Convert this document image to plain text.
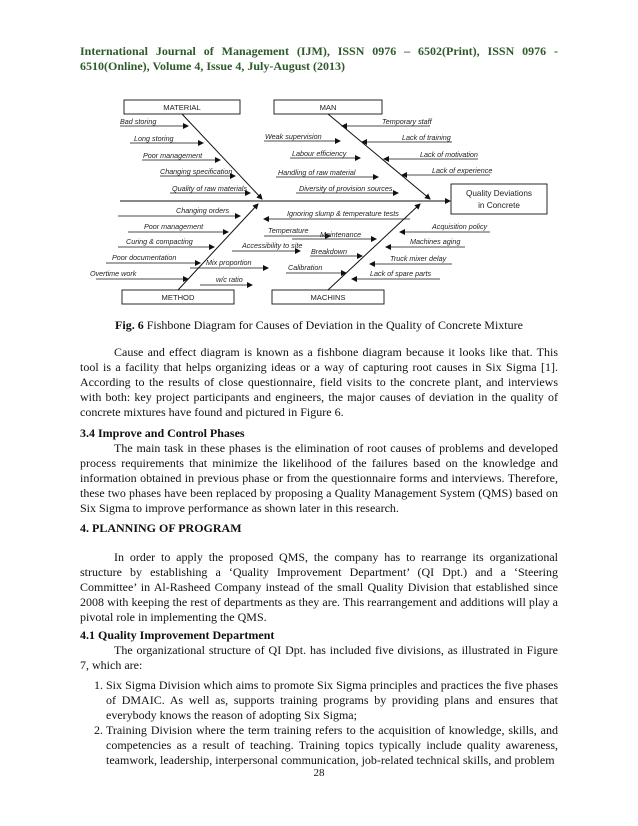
International Journal of Management (IJM), ISSN 0976 – 6502(Print), ISSN 0976 - 6510(Online), Volume 4, Issue 4, July-August (2013)
MATERIAL	MAN
METHOD	MACHINS
Quality Deviations
in Concrete
Bad storing
Long storing
Poor management
Changing specification
Quality of raw materials
Temporary staff
Weak supervision	Lack of training
Labour efficiency	Lack of motivation
Handling of raw material	Lack of experience
Diversity of provision sources
Changing orders
Poor management
Curing & compacting
Poor documentation
Mix proportion
Overtime work
w/c ratio
Accessibility to site
Ignoring slump & temperature tests
Temperature	Acquisition policy
Maintenance
Machines aging
Breakdown
Truck mixer delay
Calibration
Lack of spare parts
Fig. 6 Fishbone Diagram for Causes of Deviation in the Quality of Concrete Mixture
Cause and effect diagram is known as a fishbone diagram because it looks like that. This tool is a facility that helps organizing ideas or a way of capturing root causes in Six Sigma [1]. According to the results of close questionnaire, field visits to the concrete plant, and interviews with both: key project participants and engineers, the major causes of deviation in the quality of concrete mixtures have found and pictured in Figure 6.
3.4 Improve and Control Phases
The main task in these phases is the elimination of root causes of problems and developed process requirements that minimize the likelihood of the failures based on the knowledge and information obtained in previous phase or from the questionnaire forms and interviews. Therefore, these two phases have been replaced by proposing a Quality Management System (QMS) based on Six Sigma to improve performance as shown later in this research.
4. PLANNING OF PROGRAM
In order to apply the proposed QMS, the company has to rearrange its organizational structure by establishing a ‘Quality Improvement Department’ (QI Dpt.) and a ‘Steering Committee’ in Al-Rasheed Company instead of the small Quality Division that established since 2008 with keeping the rest of departments as they are. This rearrangement and additions will play a pivotal role in implementing the QMS.
4.1 Quality Improvement Department
The organizational structure of QI Dpt. has included five divisions, as illustrated in Figure 7, which are:
1. Six Sigma Division which aims to promote Six Sigma principles and practices the five phases of DMAIC. As well as, supports training programs by providing plans and ensures that everybody knows the reason of adopting Six Sigma;
2. Training Division where the term training refers to the acquisition of knowledge, skills, and competencies as a result of teaching. Training topics typically include quality awareness, teamwork, leadership, interpersonal communication, job-related technical skills, and problem
28
